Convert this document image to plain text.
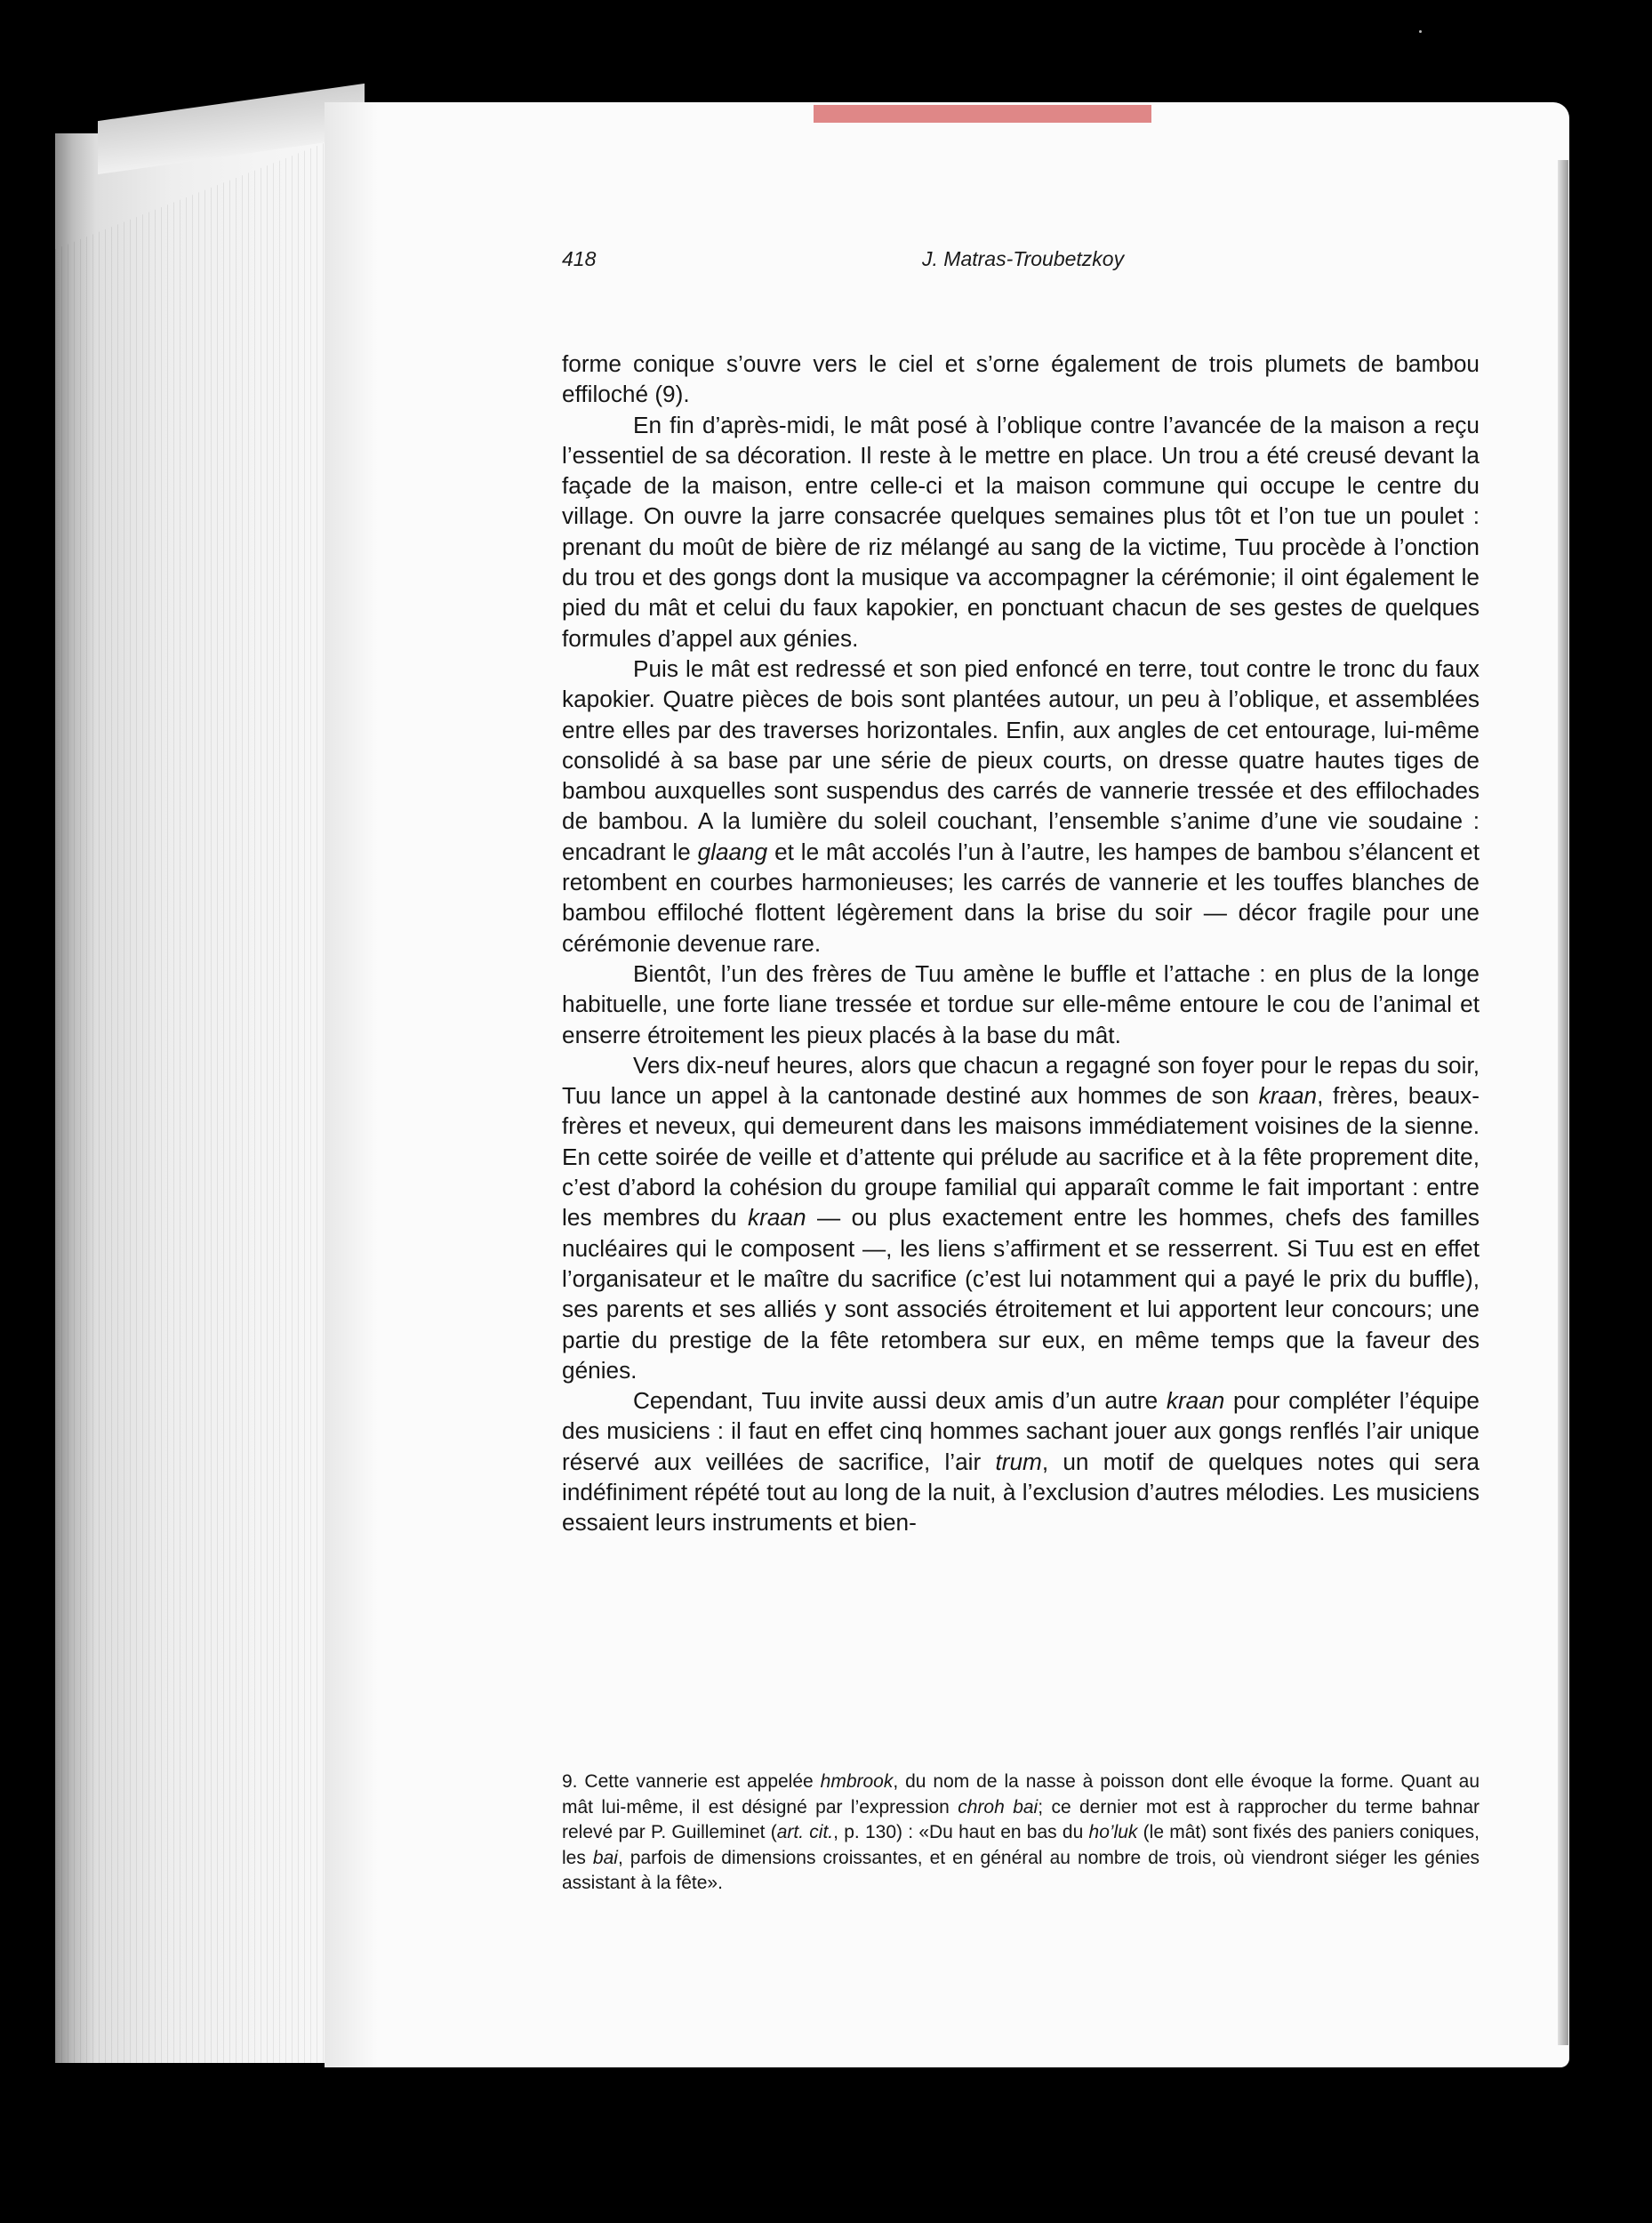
418	J. Matras-Troubetzkoy

forme conique s’ouvre vers le ciel et s’orne également de trois plumets de bambou effiloché (9).

En fin d’après-midi, le mât posé à l’oblique contre l’avancée de la maison a reçu l’essentiel de sa décoration. Il reste à le mettre en place. Un trou a été creusé devant la façade de la maison, entre celle-ci et la maison commune qui occupe le centre du village. On ouvre la jarre consacrée quelques semaines plus tôt et l’on tue un poulet : prenant du moût de bière de riz mélangé au sang de la victime, Tuu procède à l’onction du trou et des gongs dont la musique va accompagner la cérémonie; il oint également le pied du mât et celui du faux kapokier, en ponctuant chacun de ses gestes de quelques formules d’appel aux génies.

Puis le mât est redressé et son pied enfoncé en terre, tout contre le tronc du faux kapokier. Quatre pièces de bois sont plantées autour, un peu à l’oblique, et assemblées entre elles par des traverses horizontales. Enfin, aux angles de cet entourage, lui-même consolidé à sa base par une série de pieux courts, on dresse quatre hautes tiges de bambou auxquelles sont suspendus des carrés de vannerie tressée et des effilochades de bambou. A la lumière du soleil couchant, l’ensemble s’anime d’une vie soudaine : encadrant le glaang et le mât accolés l’un à l’autre, les hampes de bambou s’élancent et retombent en courbes harmonieuses; les carrés de vannerie et les touffes blanches de bambou effiloché flottent légèrement dans la brise du soir — décor fragile pour une cérémonie devenue rare.

Bientôt, l’un des frères de Tuu amène le buffle et l’attache : en plus de la longe habituelle, une forte liane tressée et tordue sur elle-même entoure le cou de l’animal et enserre étroitement les pieux placés à la base du mât.

Vers dix-neuf heures, alors que chacun a regagné son foyer pour le repas du soir, Tuu lance un appel à la cantonade destiné aux hommes de son kraan, frères, beaux-frères et neveux, qui demeurent dans les maisons immédiatement voisines de la sienne. En cette soirée de veille et d’attente qui prélude au sacrifice et à la fête proprement dite, c’est d’abord la cohésion du groupe familial qui apparaît comme le fait important : entre les membres du kraan — ou plus exactement entre les hommes, chefs des familles nucléaires qui le composent —, les liens s’affirment et se resserrent. Si Tuu est en effet l’organisateur et le maître du sacrifice (c’est lui notamment qui a payé le prix du buffle), ses parents et ses alliés y sont associés étroitement et lui apportent leur concours; une partie du prestige de la fête retombera sur eux, en même temps que la faveur des génies.

Cependant, Tuu invite aussi deux amis d’un autre kraan pour compléter l’équipe des musiciens : il faut en effet cinq hommes sachant jouer aux gongs renflés l’air unique réservé aux veillées de sacrifice, l’air trum, un motif de quelques notes qui sera indéfiniment répété tout au long de la nuit, à l’exclusion d’autres mélodies. Les musiciens essaient leurs instruments et bien-

9. Cette vannerie est appelée hmbrook, du nom de la nasse à poisson dont elle évoque la forme. Quant au mât lui-même, il est désigné par l’expression chroh bai; ce dernier mot est à rapprocher du terme bahnar relevé par P. Guilleminet (art. cit., p. 130) : «Du haut en bas du ho’luk (le mât) sont fixés des paniers coniques, les bai, parfois de dimensions croissantes, et en général au nombre de trois, où viendront siéger les génies assistant à la fête».
